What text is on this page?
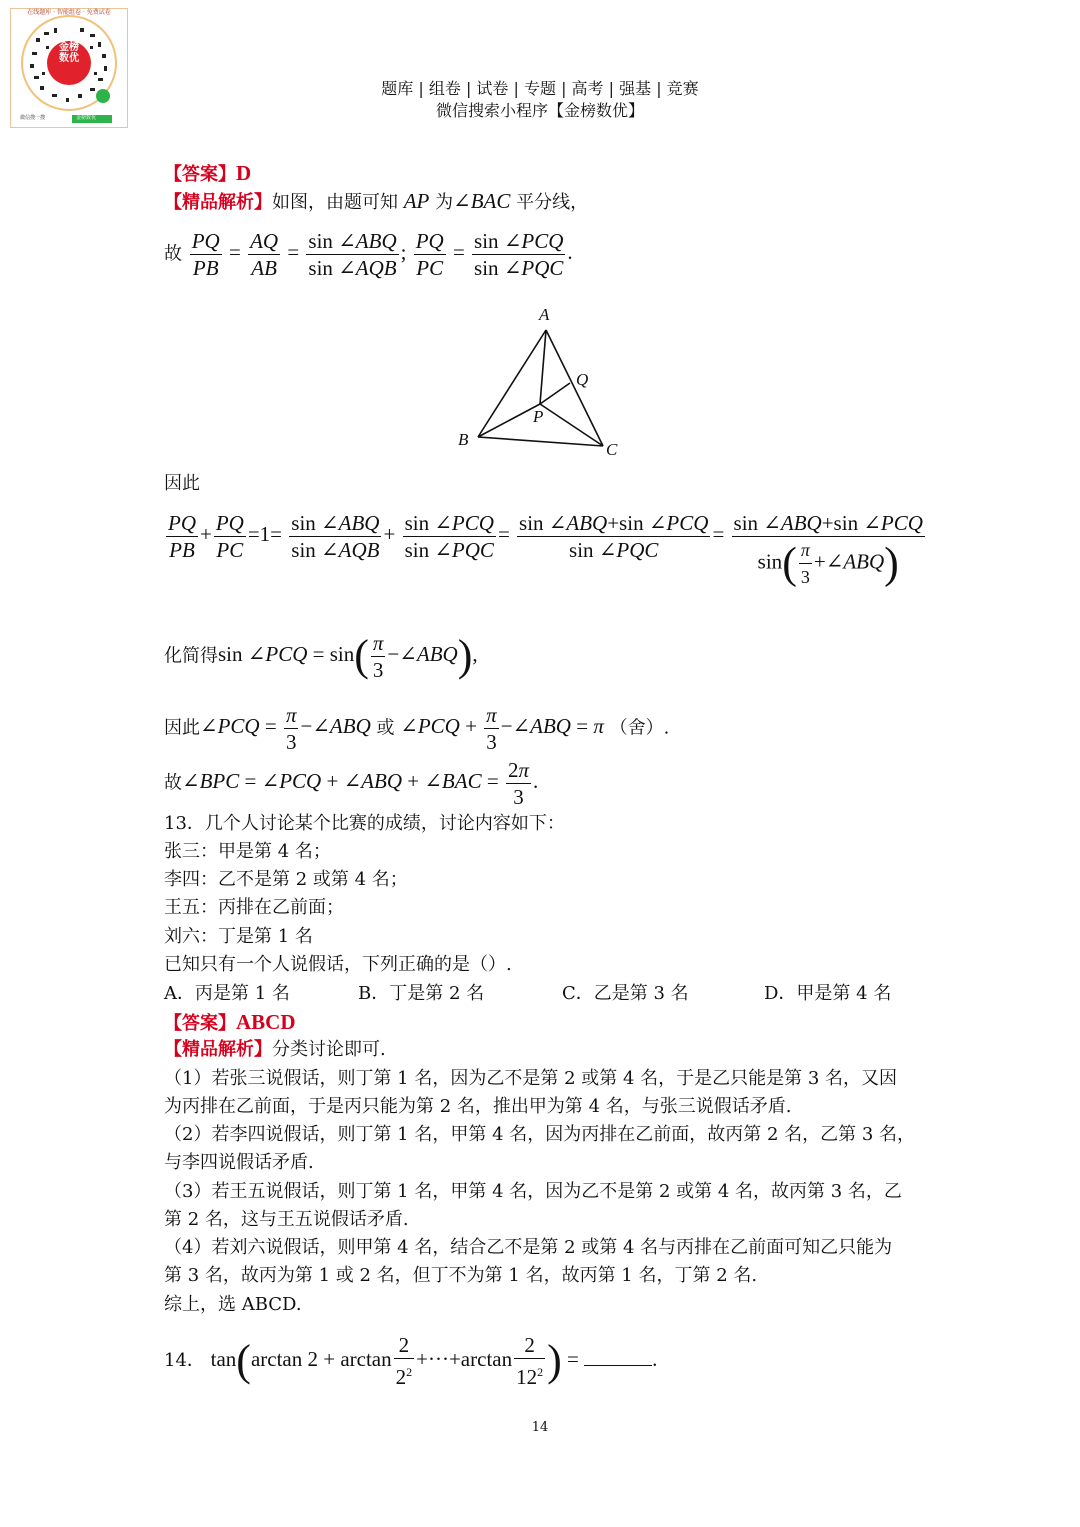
金榜
数优
在线题库 · 智能组卷 · 免费试卷
微信搜一搜	金榜数优
题库 | 组卷 | 试卷 | 专题 | 高考 | 强基 | 竞赛
微信搜索小程序【金榜数优】
【答案】D
【精品解析】如图，由题可知 AP 为∠BAC 平分线，
故 $\frac{PQ}{PB} = \frac{AQ}{AB} = \frac{\text{sin ∠ABQ}}{\text{sin ∠AQB}}$ ; $\frac{PQ}{PC} = \frac{\text{sin ∠PCQ}}{\text{sin ∠PQC}}$ .
A
B
C
P
Q
因此
$\frac{PQ}{PB} + \frac{PQ}{PC} =1= \frac{\text{sin ∠ABQ}}{\text{sin ∠AQB}} + \frac{\text{sin ∠PCQ}}{\text{sin ∠PQC}} = \frac{\text{sin ∠ABQ+sin ∠PCQ}}{\text{sin ∠PQC}} = \frac{\text{sin ∠ABQ+sin ∠PCQ}}{\sin( \frac{\pi}{3} +\angle ABQ)}$
化简得sin ∠PCQ = $\sin( \frac{\pi}{3}$ −∠ABQ),
因此∠PCQ = $\frac{\pi}{3}$ −∠ABQ 或 ∠PCQ + $\frac{\pi}{3}$ −∠ABQ = π （舍）.
故∠BPC = ∠PCQ + ∠ABQ + ∠BAC = $\frac{2\pi}{3}$ .
13．几个人讨论某个比赛的成绩，讨论内容如下：
张三：甲是第 4 名；
李四：乙不是第 2 或第 4 名；
王五：丙排在乙前面；
刘六：丁是第 1 名
已知只有一个人说假话，下列正确的是（）.
A．丙是第 1 名	B．丁是第 2 名	C．乙是第 3 名	D．甲是第 4 名
【答案】ABCD
【精品解析】分类讨论即可.
（1）若张三说假话，则丁第 1 名，因为乙不是第 2 或第 4 名，于是乙只能是第 3 名，又因
为丙排在乙前面，于是丙只能为第 2 名，推出甲为第 4 名，与张三说假话矛盾.
（2）若李四说假话，则丁第 1 名，甲第 4 名，因为丙排在乙前面，故丙第 2 名，乙第 3 名，
与李四说假话矛盾.
（3）若王五说假话，则丁第 1 名，甲第 4 名，因为乙不是第 2 或第 4 名，故丙第 3 名，乙
第 2 名，这与王五说假话矛盾.
（4）若刘六说假话，则甲第 4 名，结合乙不是第 2 或第 4 名与丙排在乙前面可知乙只能为
第 3 名，故丙为第 1 或 2 名，但丁不为第 1 名，故丙第 1 名，丁第 2 名.
综上，选 ABCD.
14． tan(arctan $2 + \arctan \frac{2}{2^2} +\cdot\cdot\cdot+\arctan \frac{2}{12^2}$ ) =	.
14
